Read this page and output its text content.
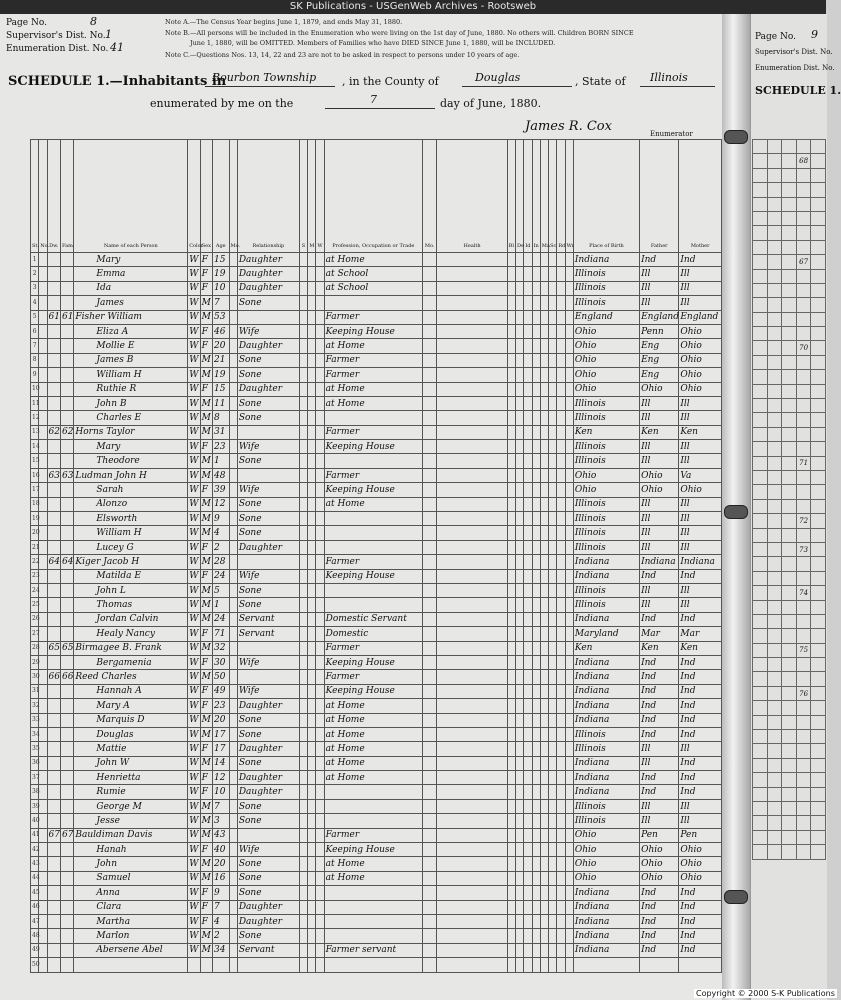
SK Publications - USGenWeb Archives - Rootsweb
Page No.	8
Supervisor's Dist. No. 1
Enumeration Dist. No. 41
Note A.—The Census Year begins June 1, 1879, and ends May 31, 1880.
Note B.—All persons will be included in the Enumeration who were living on the 1st day of June, 1880. No others will. Children BORN SINCE
June 1, 1880, will be OMITTED. Members of Families who have DIED SINCE June 1, 1880, will be INCLUDED.
Note C.—Questions Nos. 13, 14, 22 and 23 are not to be asked in respect to persons under 10 years of age.
SCHEDULE 1.—Inhabitants in
Bourbon Township , in the County of	Douglas	, State of Illinois
enumerated by me on the	7	day of June, 1880.
James R. Cox	Enumerator
St.	No.	Dw.	Fam.	Name of each Person	Color	Sex	Age	Mo.	Relationship	S	M	W	Profession, Occupation or Trade	Mo.	Health	Bl	De	Id	In	Ma	Sc	Rd	Wr	Place of Birth	Father	Mother
1				Mary	W	F	15		Daughter				at Home											Indiana	Ind	Ind
2				Emma	W	F	19		Daughter				at School											Illinois	Ill	Ill
3				Ida	W	F	10		Daughter				at School											Illinois	Ill	Ill
4				James	W	M	7		Sone															Illinois	Ill	Ill
5		61	61	Fisher William	W	M	53						Farmer											England	England	England
6				Eliza A	W	F	46		Wife				Keeping House											Ohio	Penn	Ohio
7				Mollie E	W	F	20		Daughter				at Home											Ohio	Eng	Ohio
8				James B	W	M	21		Sone				Farmer											Ohio	Eng	Ohio
9				William H	W	M	19		Sone				Farmer											Ohio	Eng	Ohio
10				Ruthie R	W	F	15		Daughter				at Home											Ohio	Ohio	Ohio
11				John B	W	M	11		Sone				at Home											Illinois	Ill	Ill
12				Charles E	W	M	8		Sone															Illinois	Ill	Ill
13		62	62	Horns Taylor	W	M	31						Farmer											Ken	Ken	Ken
14				Mary	W	F	23		Wife				Keeping House											Illinois	Ill	Ill
15				Theodore	W	M	1		Sone															Illinois	Ill	Ill
16		63	63	Ludman John H	W	M	48						Farmer											Ohio	Ohio	Va
17				Sarah	W	F	39		Wife				Keeping House											Ohio	Ohio	Ohio
18				Alonzo	W	M	12		Sone				at Home											Illinois	Ill	Ill
19				Elsworth	W	M	9		Sone															Illinois	Ill	Ill
20				William H	W	M	4		Sone															Illinois	Ill	Ill
21				Lucey G	W	F	2		Daughter															Illinois	Ill	Ill
22		64	64	Kiger Jacob H	W	M	28						Farmer											Indiana	Indiana	Indiana
23				Matilda E	W	F	24		Wife				Keeping House											Indiana	Ind	Ind
24				John L	W	M	5		Sone															Illinois	Ill	Ill
25				Thomas	W	M	1		Sone															Illinois	Ill	Ill
26				Jordan Calvin	W	M	24		Servant				Domestic Servant											Indiana	Ind	Ind
27				Healy Nancy	W	F	71		Servant				Domestic											Maryland	Mar	Mar
28		65	65	Birmagee B. Frank	W	M	32						Farmer											Ken	Ken	Ken
29				Bergamenia	W	F	30		Wife				Keeping House											Indiana	Ind	Ind
30		66	66	Reed Charles	W	M	50						Farmer											Indiana	Ind	Ind
31				Hannah A	W	F	49		Wife				Keeping House											Indiana	Ind	Ind
32				Mary A	W	F	23		Daughter				at Home											Indiana	Ind	Ind
33				Marquis D	W	M	20		Sone				at Home											Indiana	Ind	Ind
34				Douglas	W	M	17		Sone				at Home											Illinois	Ind	Ind
35				Mattie	W	F	17		Daughter				at Home											Illinois	Ill	Ill
36				John W	W	M	14		Sone				at Home											Indiana	Ill	Ind
37				Henrietta	W	F	12		Daughter				at Home											Indiana	Ind	Ind
38				Rumie	W	F	10		Daughter															Indiana	Ind	Ind
39				George M	W	M	7		Sone															Illinois	Ill	Ill
40				Jesse	W	M	3		Sone															Illinois	Ill	Ill
41		67	67	Bauldiman Davis	W	M	43						Farmer											Ohio	Pen	Pen
42				Hanah	W	F	40		Wife				Keeping House											Ohio	Ohio	Ohio
43				John	W	M	20		Sone				at Home											Ohio	Ohio	Ohio
44				Samuel	W	M	16		Sone				at Home											Ohio	Ohio	Ohio
45				Anna	W	F	9		Sone															Indiana	Ind	Ind
46				Clara	W	F	7		Daughter															Indiana	Ind	Ind
47				Martha	W	F	4		Daughter															Indiana	Ind	Ind
48				Marlon	W	M	2		Sone															Indiana	Ind	Ind
49				Abersene Abel	W	M	34		Servant				Farmer servant											Indiana	Ind	Ind
50																										
Page No. 9
Supervisor's Dist. No.
Enumeration Dist. No.
SCHEDULE 1.

			68	

			67	

			70	

			71	

			72	

			73	

			74	

			75	

			76	

Copyright © 2000 S-K Publications
